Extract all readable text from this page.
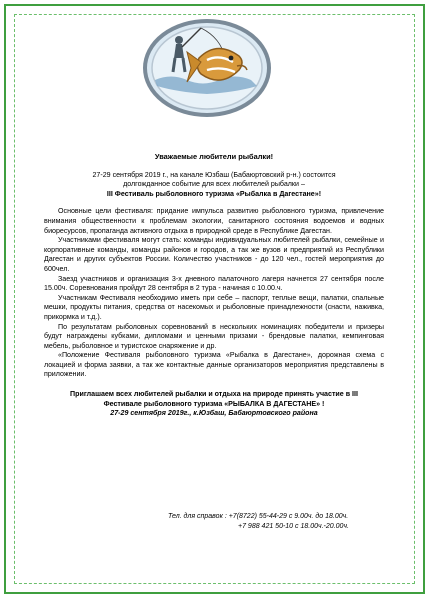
Уважаемые любители рыбалки!
27-29 сентября 2019 г., на канале Юзбаш (Бабаюртовский р-н.) состоится
долгожданное событие для всех любителей рыбалки –
III Фестиваль рыболовного туризма «Рыбалка в Дагестане»!

Основные цели фестиваля: придание импульса развитию рыболовного туризма, привлечение внимания общественности к проблемам экологии, санитарного состояния водоемов и водных биоресурсов, пропаганда активного отдыха в природной среде в Республике Дагестан.

Участниками фестиваля могут стать: команды индивидуальных любителей рыбалки, семейные и корпоративные команды, команды районов и городов, а так же вузов и предприятий из Республики Дагестан и других субъектов России. Количество участников - до 120 чел., гостей мероприятия до 600чел.

Заезд участников и организация 3-х дневного палаточного лагеря начнется 27 сентября после 15.00ч. Соревнования пройдут 28 сентября в 2 тура - начиная с 10.00.ч.

Участникам Фестиваля необходимо иметь при себе – паспорт, теплые вещи, палатки, спальные мешки, продукты питания, средства от насекомых и рыболовные принадлежности (снасти, наживка, прикормка и т.д.).

По результатам рыболовных соревнований в нескольких номинациях победители и призеры будут награждены кубками, дипломами и ценными призами - брендовые палатки, кемпинговая мебель, рыболовное и туристское снаряжение и др.

«Положение Фестиваля рыболовного туризма «Рыбалка в Дагестане», дорожная схема с локацией и форма заявки, а так же контактные данные организаторов мероприятия представлены в приложении.

Приглашаем всех любителей рыбалки и отдыха на природе принять участие в III
Фестивале рыболовного туризма «РЫБАЛКА В ДАГЕСТАНЕ» !
27-29 сентября 2019г., к.Юзбаш, Бабаюртовского района
Тел. для справок : +7(8722) 55-44-29 с 9.00ч. до 18.00ч.
+7 988 421 50-10 с 18.00ч.-20.00ч.
